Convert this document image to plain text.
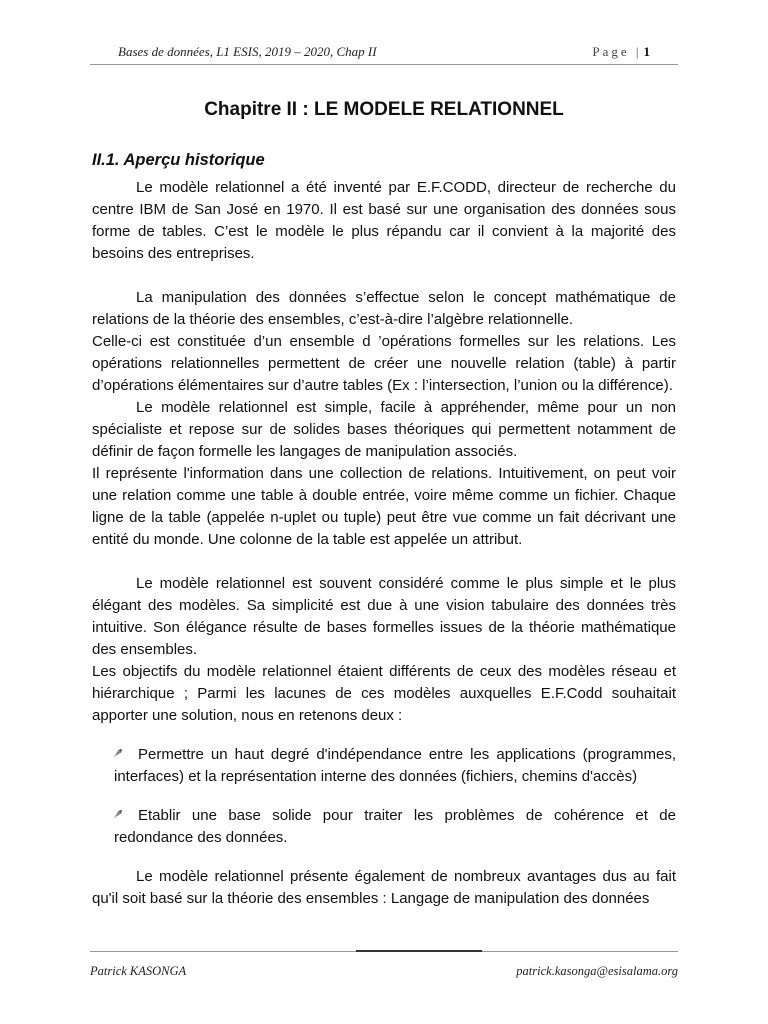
Bases de données, L1 ESIS, 2019 – 2020, Chap II	Page | 1
Chapitre II : LE MODELE RELATIONNEL
II.1. Aperçu historique

Le modèle relationnel a été inventé par E.F.CODD, directeur de recherche du centre IBM de San José en 1970. Il est basé sur une organisation des données sous forme de tables. C’est le modèle le plus répandu car il convient à la majorité des besoins des entreprises.

La manipulation des données s’effectue selon le concept mathématique de relations de la théorie des ensembles, c’est-à-dire l’algèbre relationnelle.

Celle-ci est constituée d’un ensemble d ’opérations formelles sur les relations. Les opérations relationnelles permettent de créer une nouvelle relation (table) à partir d’opérations élémentaires sur d’autre tables (Ex : l’intersection, l’union ou la différence).

Le modèle relationnel est simple, facile à appréhender, même pour un non spécialiste et repose sur de solides bases théoriques qui permettent notamment de définir de façon formelle les langages de manipulation associés.

Il représente l'information dans une collection de relations. Intuitivement, on peut voir une relation comme une table à double entrée, voire même comme un fichier. Chaque ligne de la table (appelée n-uplet ou tuple) peut être vue comme un fait décrivant une entité du monde. Une colonne de la table est appelée un attribut.

Le modèle relationnel est souvent considéré comme le plus simple et le plus élégant des modèles. Sa simplicité est due à une vision tabulaire des données très intuitive. Son élégance résulte de bases formelles issues de la théorie mathématique des ensembles.

Les objectifs du modèle relationnel étaient différents de ceux des modèles réseau et hiérarchique ; Parmi les lacunes de ces modèles auxquelles E.F.Codd souhaitait apporter une solution, nous en retenons deux :

Permettre un haut degré d'indépendance entre les applications (programmes, interfaces) et la représentation interne des données (fichiers, chemins d'accès)
Etablir une base solide pour traiter les problèmes de cohérence et de redondance des données.

Le modèle relationnel présente également de nombreux avantages dus au fait qu'il soit basé sur la théorie des ensembles : Langage de manipulation des données

Patrick KASONGA	patrick.kasonga@esisalama.org
